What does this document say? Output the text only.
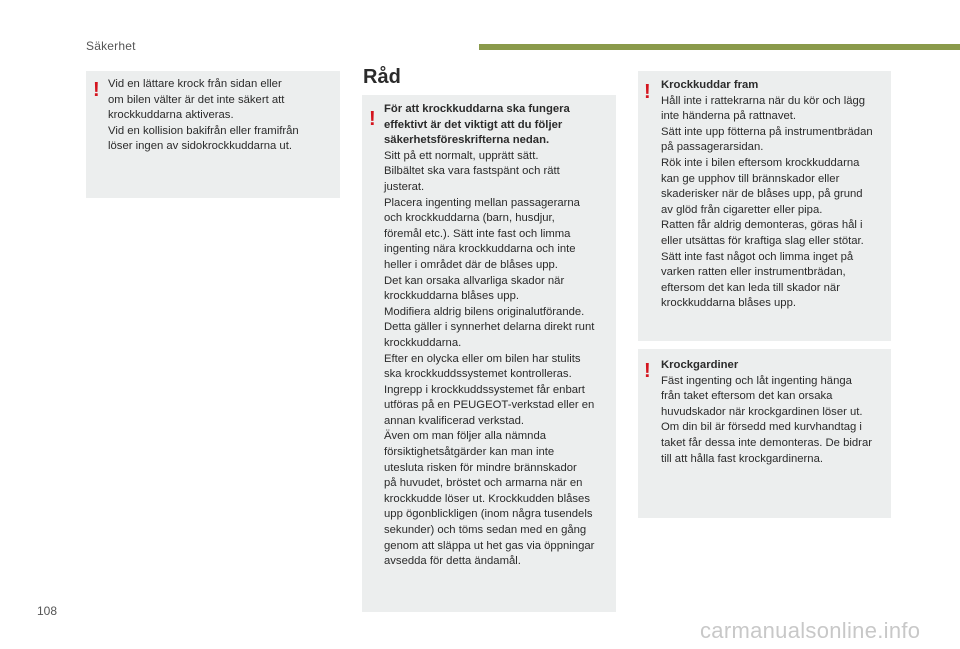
Säkerhet
! Vid en lättare krock från sidan eller
om bilen välter är det inte säkert att
krockkuddarna aktiveras.
Vid en kollision bakifrån eller framifrån
löser ingen av sidokrockkuddarna ut.
Råd
! För att krockkuddarna ska fungera
effektivt är det viktigt att du följer
säkerhetsföreskrifterna nedan.
Sitt på ett normalt, upprätt sätt.
Bilbältet ska vara fastspänt och rätt
justerat.
Placera ingenting mellan passagerarna
och krockkuddarna (barn, husdjur,
föremål etc.). Sätt inte fast och limma
ingenting nära krockkuddarna och inte
heller i området där de blåses upp.
Det kan orsaka allvarliga skador när
krockkuddarna blåses upp.
Modifiera aldrig bilens originalutförande.
Detta gäller i synnerhet delarna direkt runt
krockkuddarna.
Efter en olycka eller om bilen har stulits
ska krockkuddssystemet kontrolleras.
Ingrepp i krockkuddssystemet får enbart
utföras på en PEUGEOT-verkstad eller en
annan kvalificerad verkstad.
Även om man följer alla nämnda
försiktighetsåtgärder kan man inte
utesluta risken för mindre brännskador
på huvudet, bröstet och armarna när en
krockkudde löser ut. Krockkudden blåses
upp ögonblickligen (inom några tusendels
sekunder) och töms sedan med en gång
genom att släppa ut het gas via öppningar
avsedda för detta ändamål.
! Krockkuddar fram
Håll inte i rattekrarna när du kör och lägg
inte händerna på rattnavet.
Sätt inte upp fötterna på instrumentbrädan
på passagerarsidan.
Rök inte i bilen eftersom krockkuddarna
kan ge upphov till brännskador eller
skaderisker när de blåses upp, på grund
av glöd från cigaretter eller pipa.
Ratten får aldrig demonteras, göras hål i
eller utsättas för kraftiga slag eller stötar.
Sätt inte fast något och limma inget på
varken ratten eller instrumentbrädan,
eftersom det kan leda till skador när
krockkuddarna blåses upp.
! Krockgardiner
Fäst ingenting och låt ingenting hänga
från taket eftersom det kan orsaka
huvudskador när krockgardinen löser ut.
Om din bil är försedd med kurvhandtag i
taket får dessa inte demonteras. De bidrar
till att hålla fast krockgardinerna.
108
carmanualsonline.info
